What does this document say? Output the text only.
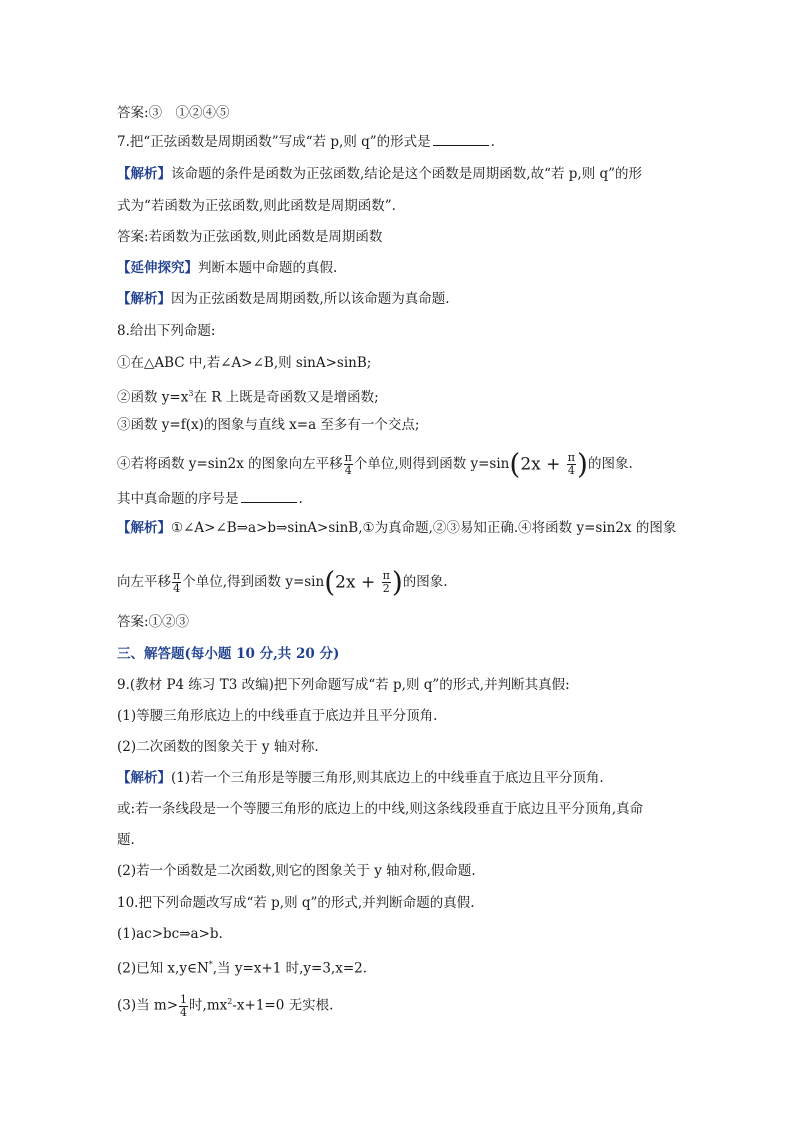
答案:③　①②④⑤
7.把“正弦函数是周期函数”写成“若 p,则 q”的形式是	.
【解析】该命题的条件是函数为正弦函数,结论是这个函数是周期函数,故“若 p,则 q”的形
式为“若函数为正弦函数,则此函数是周期函数”.
答案:若函数为正弦函数,则此函数是周期函数
【延伸探究】判断本题中命题的真假.
【解析】因为正弦函数是周期函数,所以该命题为真命题.
8.给出下列命题:
①在△ABC 中,若∠A>∠B,则 sinA>sinB;
②函数 $y=x^3$在 R 上既是奇函数又是增函数;
③函数 y=f(x)的图象与直线 x=a 至多有一个交点;
④若将函数 y=sin2x 的图象向左平移 $\frac{\pi}{4}$ 个单位,则得到函数 $y=\sin(2x + \frac{\pi}{4}$ )的图象.
其中真命题的序号是	.
【解析】①∠A>∠B⇒a>b⇒sinA>sinB,①为真命题,②③易知正确.④将函数 y=sin2x 的图象
向左平移 $\frac{\pi}{4}$ 个单位,得到函数 $y=\sin(2x + \frac{\pi}{2}$ )的图象.
答案:①②③
三、解答题(每小题 10 分,共 20 分)
9.(教材 P4 练习 T3 改编)把下列命题写成“若 p,则 q”的形式,并判断其真假:
(1)等腰三角形底边上的中线垂直于底边并且平分顶角.
(2)二次函数的图象关于 y 轴对称.
【解析】(1)若一个三角形是等腰三角形,则其底边上的中线垂直于底边且平分顶角.
或:若一条线段是一个等腰三角形的底边上的中线,则这条线段垂直于底边且平分顶角,真命
题.
(2)若一个函数是二次函数,则它的图象关于 y 轴对称,假命题.
10.把下列命题改写成“若 p,则 q”的形式,并判断命题的真假.
(1)ac>bc⇒a>b.
(2)已知 x,y∈N*,当 y=x+1 时,y=3,x=2.
(3)当 $m> \frac{1}{4}$ 时$,mx^2-x+1=0$ 无实根.
